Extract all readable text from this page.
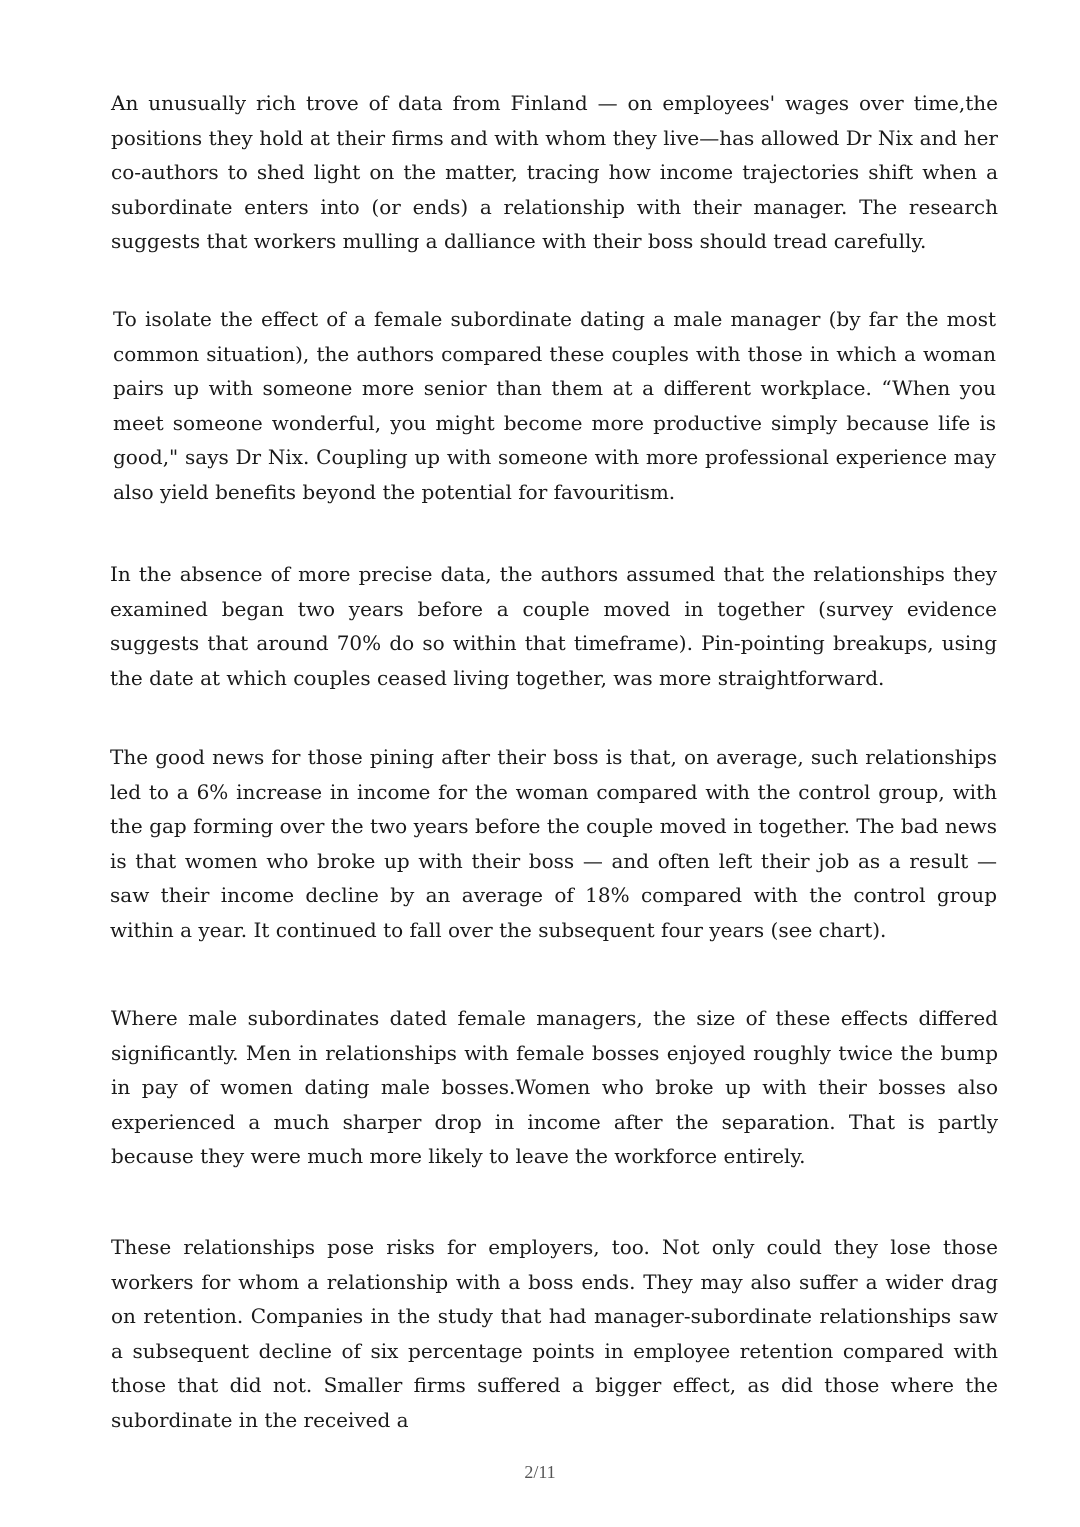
An unusually rich trove of data from Finland — on employees' wages over time,the positions they hold at their firms and with whom they live—has allowed Dr Nix and her co-authors to shed light on the matter, tracing how income trajectories shift when a subordinate enters into (or ends) a relationship with their manager. The research suggests that workers mulling a dalliance with their boss should tread carefully.

To isolate the effect of a female subordinate dating a male manager (by far the most common situation), the authors compared these couples with those in which a woman pairs up with someone more senior than them at a different workplace. “When you meet someone wonderful, you might become more productive simply because life is good," says Dr Nix. Coupling up with someone with more professional experience may also yield benefits beyond the potential for favouritism.

In the absence of more precise data, the authors assumed that the relationships they examined began two years before a couple moved in together (survey evidence suggests that around 70% do so within that timeframe). Pin-pointing breakups, using the date at which couples ceased living together, was more straightforward.

The good news for those pining after their boss is that, on average, such relationships led to a 6% increase in income for the woman compared with the control group, with the gap forming over the two years before the couple moved in together. The bad news is that women who broke up with their boss — and often left their job as a result — saw their income decline by an average of 18% compared with the control group within a year. It continued to fall over the subsequent four years (see chart).

Where male subordinates dated female managers, the size of these effects differed significantly. Men in relationships with female bosses enjoyed roughly twice the bump in pay of women dating male bosses.Women who broke up with their bosses also experienced a much sharper drop in income after the separation. That is partly because they were much more likely to leave the workforce entirely.

These relationships pose risks for employers, too. Not only could they lose those workers for whom a relationship with a boss ends. They may also suffer a wider drag on retention. Companies in the study that had manager-subordinate relationships saw a subsequent decline of six percentage points in employee retention compared with those that did not. Smaller firms suffered a bigger effect, as did those where the subordinate in the received a

2/11
